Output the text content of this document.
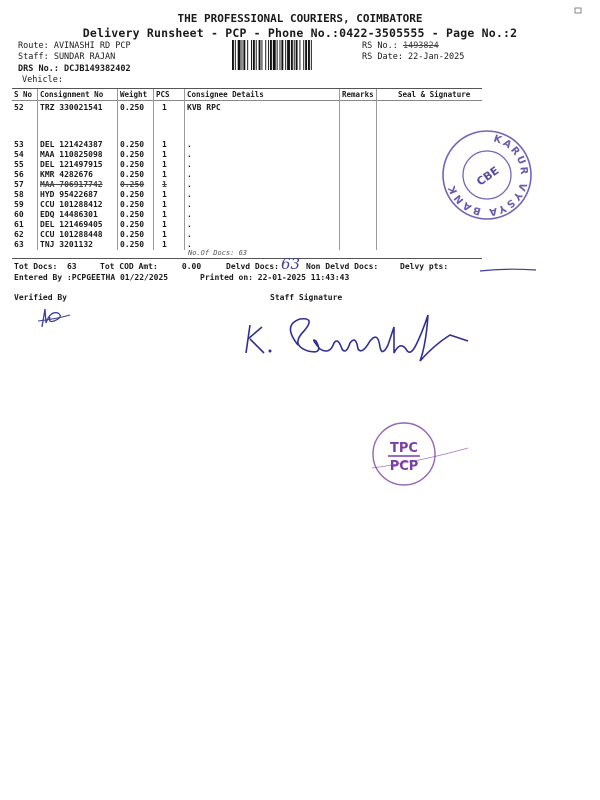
THE PROFESSIONAL COURIERS, COIMBATORE
Delivery Runsheet - PCP - Phone No.:0422-3505555 - Page No.:2
Route: AVINASHI RD PCP
Staff: SUNDAR RAJAN
DRS No.: DCJB149382402
Vehicle:
RS No.: 1493824
RS Date: 22-Jan-2025
S No Consignment No Weight PCS Consignee Details	Remarks	Seal & Signature
52 TRZ 330021541 0.250 1	KVB RPC
53 DEL 121424387 0.250 1	.
54 MAA 110825098 0.250 1	.
55 DEL 121497915 0.250 1	.
56 KMR 4282676	0.250 1	.
57 MAA 706917742 0.250 1	.
58 HYD 95422687	0.250 1	.
59 CCU 101288412 0.250 1	.
60 EDQ 14486301	0.250 1	.
61 DEL 121469405 0.250 1	.
62 CCU 101288448 0.250 1	.
63 TNJ 3201132	0.250 1	.
No.Of Docs: 63
Tot Docs:  63	Tot COD Amt:     0.00	Delvd Docs: 63 Non Delvd Docs:	Delvy pts:
Entered By :PCPGEETHA 01/22/2025	Printed on: 22-01-2025 11:43:43
Verified By	Staff Signature
KARUR VYSYA BANK
CBE
TPC
PCP
